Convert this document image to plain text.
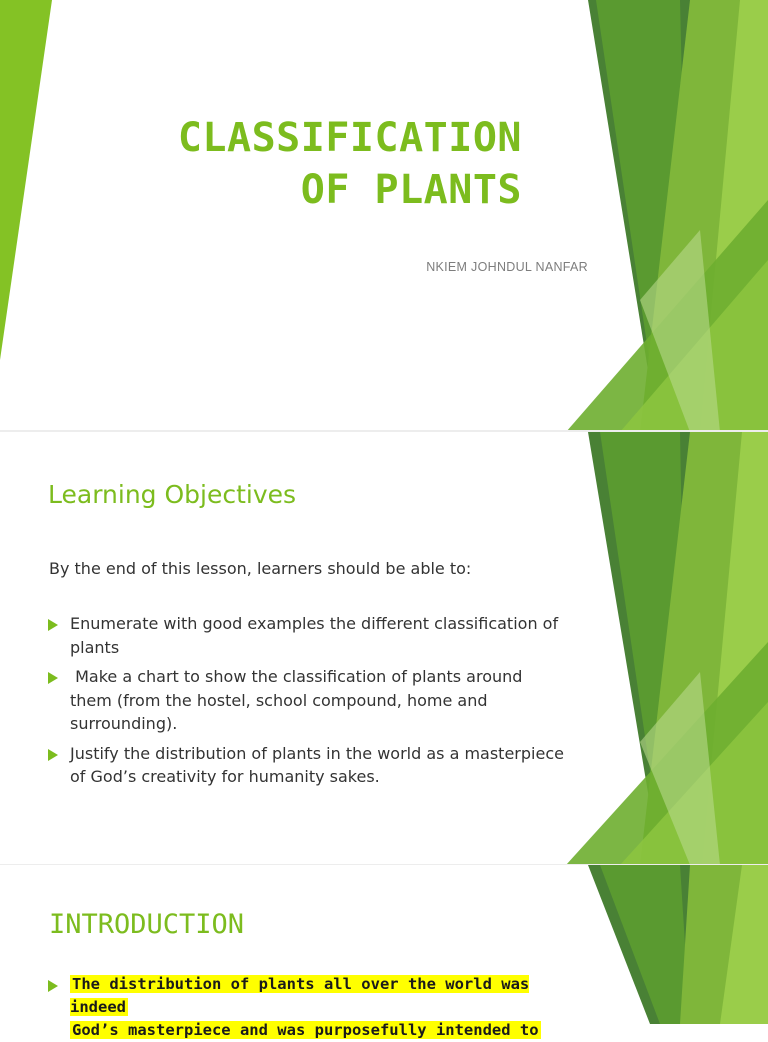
CLASSIFICATION
OF PLANTS
NKIEM JOHNDUL NANFAR
Learning Objectives
By the end of this lesson, learners should be able to:
Enumerate with good examples the different classification of plants
Make a chart to show the classification of plants around them (from the hostel, school compound, home and surrounding).
Justify the distribution of plants in the world as a masterpiece of God’s creativity for humanity sakes.
INTRODUCTION
The distribution of plants all over the world was indeed
God’s masterpiece and was purposefully intended to
